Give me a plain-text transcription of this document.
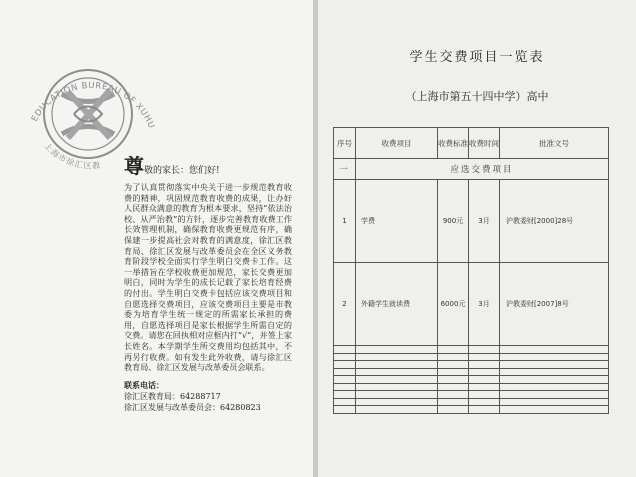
EDUCATION BUREAU OF XUHU
上海市徐汇区教 尊敬的家长：您们好!

为了认真贯彻落实中央关于进一步规范教育收费的精神，巩固规范教育收费的成果，让办好人民群众满意的教育为根本要求，坚持“依法治校、从严治教”的方针，逐步完善教育收费工作长效管理机制，确保教育收费更规范有序，确保建一步提高社会对教育的满意度，徐汇区教育局、徐汇区发展与改革委员会在全区义务教育阶段学校全面实行学生明白交费卡工作。这一举措旨在学校收费更加规范，家长交费更加明白，同时为学生的成长记载了家长培育经费的付出。学生明白交费卡包括应该交费项目和自愿选择交费项目，应该交费项目主要是市教委为培育学生统一规定的所需家长承担的费用，自愿选择项目是家长根据学生所需自定的交费。请您在回执相对应框内打“√”，并签上家长姓名。本学期学生所交费用均包括其中，不再另行收费。如有发生此外收费，请与徐汇区教育局、徐汇区发展与改革委员会联系。

联系电话：
徐汇区教育局：64288717
徐汇区发展与改革委员会：64280823
学生交费项目一览表
（上海市第五十四中学）高中
序号	收费项目	收费标准	收费时间	批准文号
一	应选交费项目			
1	学费	900元	3月	沪教委财[2000]28号
2	外籍学生就读费	6000元	3月	沪教委财[2007]8号
